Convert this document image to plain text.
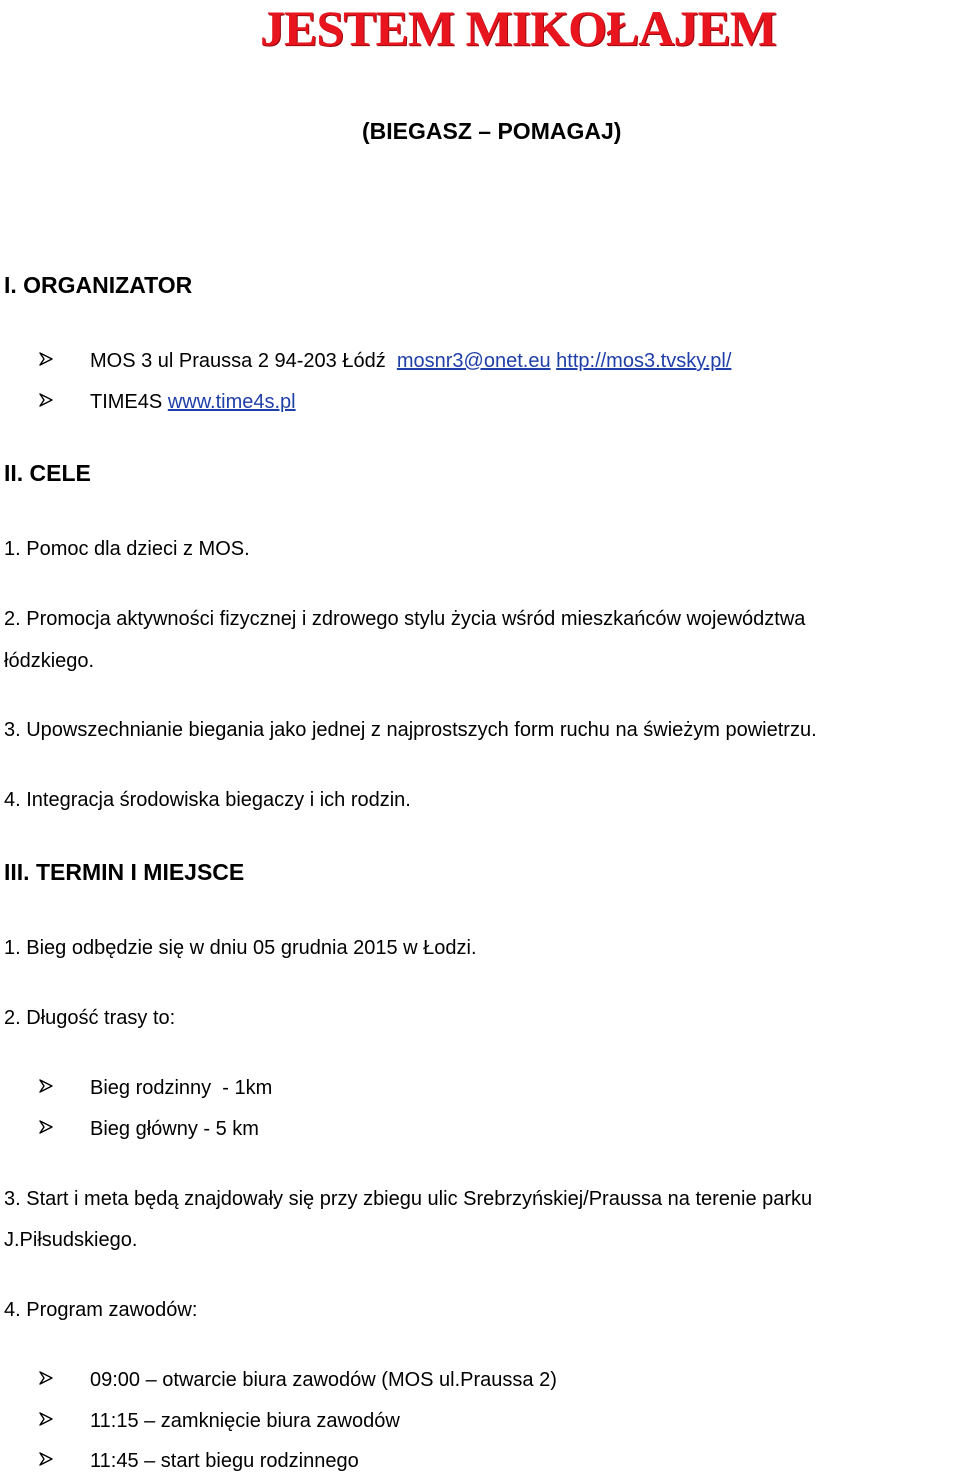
JESTEM MIKOŁAJEM
(BIEGASZ – POMAGAJ)
I. ORGANIZATOR
MOS 3 ul Praussa 2 94-203 Łódź mosnr3@onet.eu http://mos3.tvsky.pl/
TIME4S www.time4s.pl
II. CELE
1. Pomoc dla dzieci z MOS.
2. Promocja aktywności fizycznej i zdrowego stylu życia wśród mieszkańców województwa
łódzkiego.
3. Upowszechnianie biegania jako jednej z najprostszych form ruchu na świeżym powietrzu.
4. Integracja środowiska biegaczy i ich rodzin.
III. TERMIN I MIEJSCE
1. Bieg odbędzie się w dniu 05 grudnia 2015 w Łodzi.
2. Długość trasy to:
Bieg rodzinny  - 1km
Bieg główny - 5 km
3. Start i meta będą znajdowały się przy zbiegu ulic Srebrzyńskiej/Praussa na terenie parku
J.Piłsudskiego.
4. Program zawodów:
09:00 – otwarcie biura zawodów (MOS ul.Praussa 2)
11:15 – zamknięcie biura zawodów
11:45 – start biegu rodzinnego
